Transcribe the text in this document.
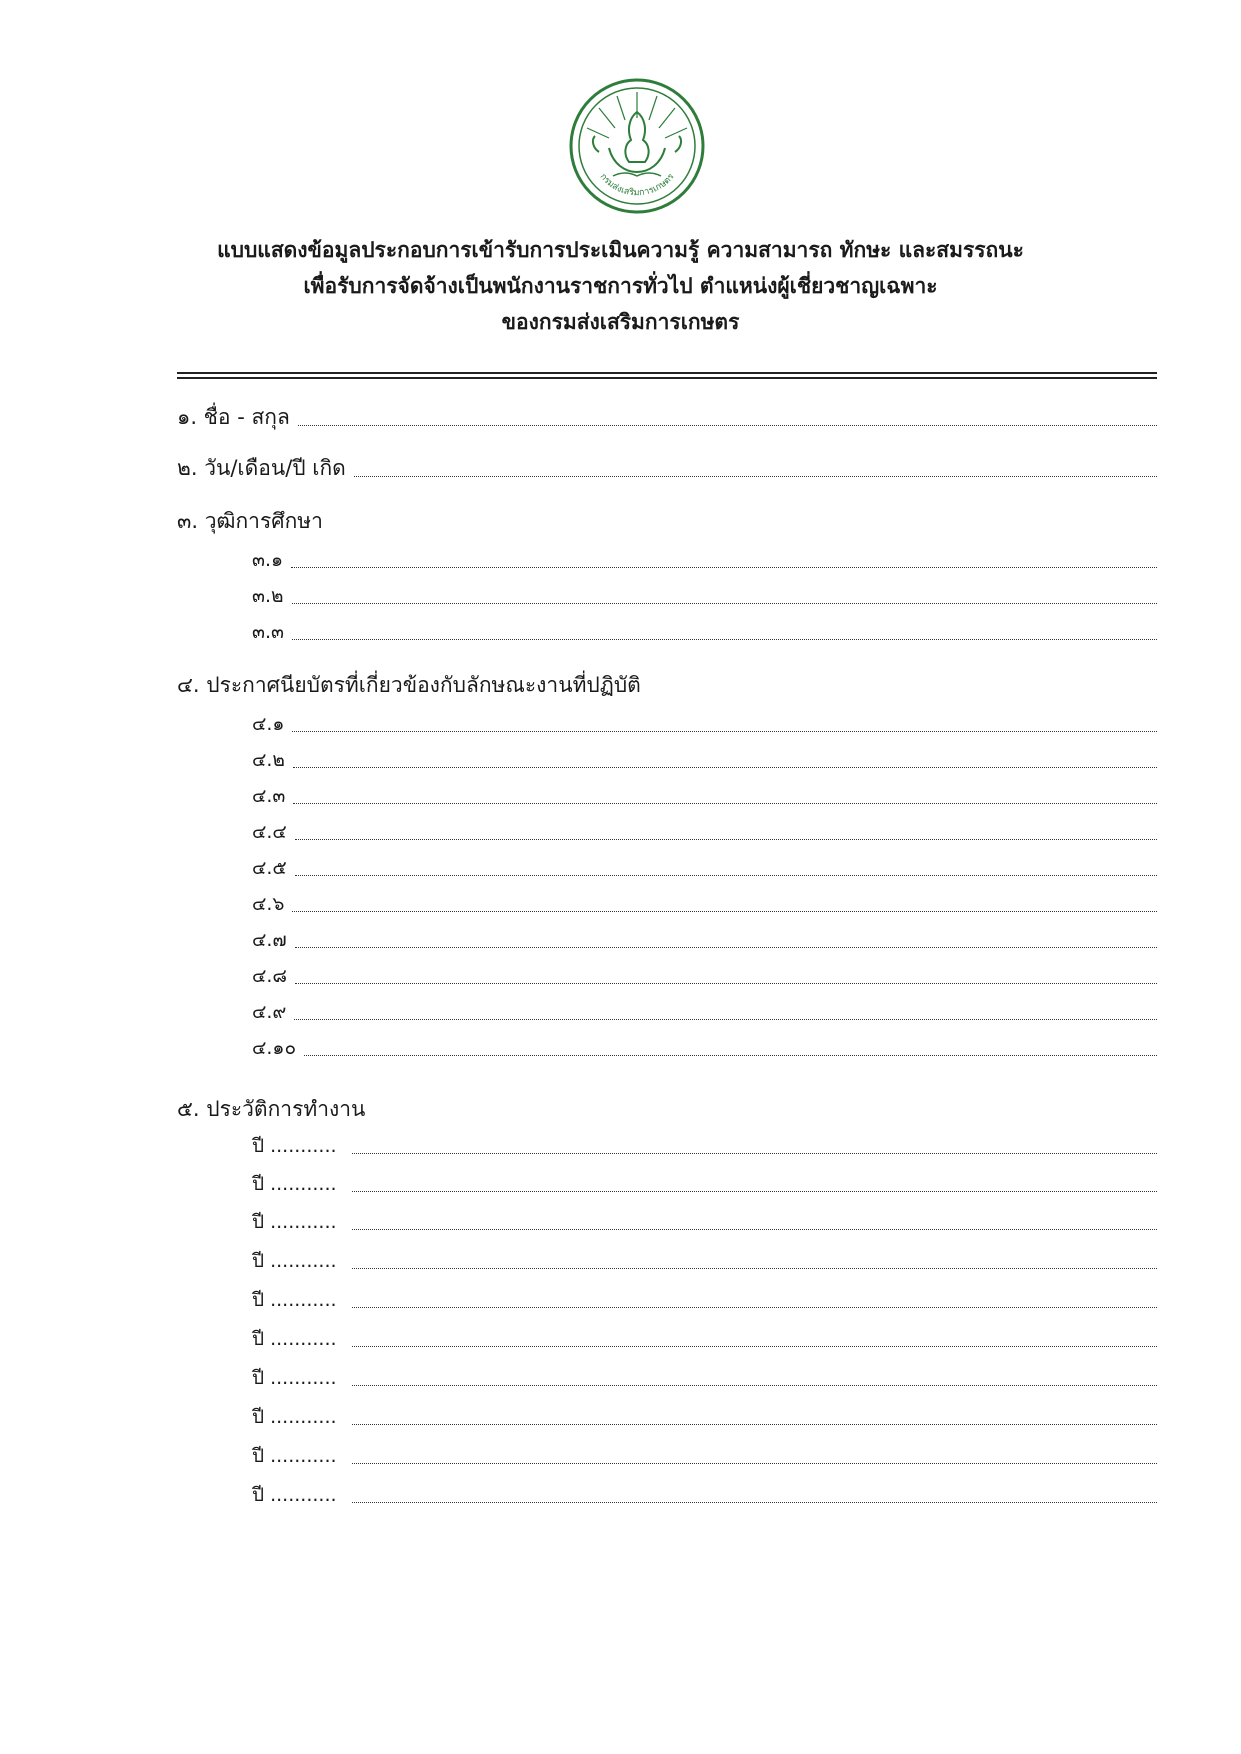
กรมส่งเสริมการเกษตร
แบบแสดงข้อมูลประกอบการเข้ารับการประเมินความรู้ ความสามารถ ทักษะ และสมรรถนะ
เพื่อรับการจัดจ้างเป็นพนักงานราชการทั่วไป ตำแหน่งผู้เชี่ยวชาญเฉพาะ
ของกรมส่งเสริมการเกษตร
๑. ชื่อ - สกุล
๒. วัน/เดือน/ปี เกิด
๓. วุฒิการศึกษา
๓.๑
๓.๒
๓.๓
๔. ประกาศนียบัตรที่เกี่ยวข้องกับลักษณะงานที่ปฏิบัติ
๔.๑
๔.๒
๔.๓
๔.๔
๔.๕
๔.๖
๔.๗
๔.๘
๔.๙
๔.๑๐
๕. ประวัติการทำงาน
ปี ...........
ปี ...........
ปี ...........
ปี ...........
ปี ...........
ปี ...........
ปี ...........
ปี ...........
ปี ...........
ปี ...........
